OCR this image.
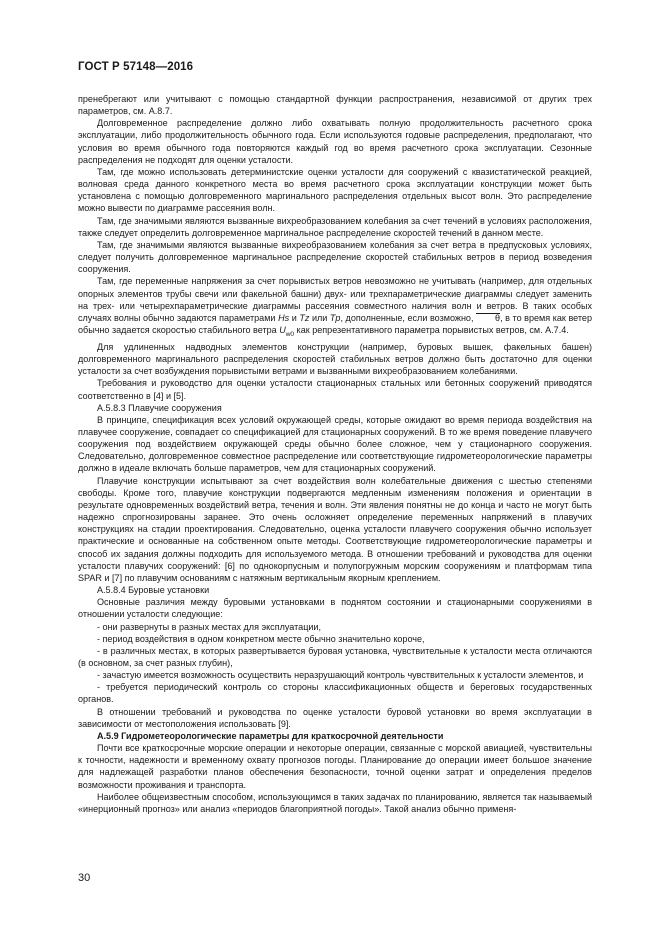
ГОСТ Р 57148—2016

пренебрегают или учитывают с помощью стандартной функции распространения, независимой от других трех параметров, см. А.8.7.

Долговременное распределение должно либо охватывать полную продолжительность расчетного срока эксплуатации, либо продолжительность обычного года. Если используются годовые распределения, предполагают, что условия во время обычного года повторяются каждый год во время расчетного срока эксплуатации. Сезонные распределения не подходят для оценки усталости.

Там, где можно использовать детерминистские оценки усталости для сооружений с квазистатической реакцией, волновая среда данного конкретного места во время расчетного срока эксплуатации конструкции может быть установлена с помощью долговременного маргинального распределения отдельных высот волн. Это распределение можно вывести по диаграмме рассеяния волн.

Там, где значимыми являются вызванные вихреобразованием колебания за счет течений в условиях расположения, также следует определить долговременное маргинальное распределение скоростей течений в данном месте.

Там, где значимыми являются вызванные вихреобразованием колебания за счет ветра в предпусковых условиях, следует получить долговременное маргинальное распределение скоростей стабильных ветров в период возведения сооружения.

Там, где переменные напряжения за счет порывистых ветров невозможно не учитывать (например, для отдельных опорных элементов трубы свечи или факельной башни) двух- или трехпараметрические диаграммы следует заменить на трех- или четырехпараметрические диаграммы рассеяния совместного наличия волн и ветров. В таких особых случаях волны обычно задаются параметрами Hs и Tz или Tp, дополненные, если возможно, θ, в то время как ветер обычно задается скоростью стабильного ветра $U_{w0}$ как репрезентативного параметра порывистых ветров, см. А.7.4.

Для удлиненных надводных элементов конструкции (например, буровых вышек, факельных башен) долговременного маргинального распределения скоростей стабильных ветров должно быть достаточно для оценки усталости за счет возбуждения порывистыми ветрами и вызванными вихреобразованием колебаниями.

Требования и руководство для оценки усталости стационарных стальных или бетонных сооружений приводятся соответственно в [4] и [5].

А.5.8.3 Плавучие сооружения

В принципе, спецификация всех условий окружающей среды, которые ожидают во время периода воздействия на плавучее сооружение, совпадает со спецификацией для стационарных сооружений. В то же время поведение плавучего сооружения под воздействием окружающей среды обычно более сложное, чем у стационарного сооружения. Следовательно, долговременное совместное распределение или соответствующие гидрометеорологические параметры должно в идеале включать больше параметров, чем для стационарных сооружений.

Плавучие конструкции испытывают за счет воздействия волн колебательные движения с шестью степенями свободы. Кроме того, плавучие конструкции подвергаются медленным изменениям положения и ориентации в результате одновременных воздействий ветра, течения и волн. Эти явления понятны не до конца и часто не могут быть надежно спрогнозированы заранее. Это очень осложняет определение переменных напряжений в плавучих конструкциях на стадии проектирования. Следовательно, оценка усталости плавучего сооружения обычно использует практические и основанные на собственном опыте методы. Соответствующие гидрометеорологические параметры и способ их задания должны подходить для используемого метода. В отношении требований и руководства для оценки усталости плавучих сооружений: [6] по однокорпусным и полупогружным морским сооружениям и платформам типа SPAR и [7] по плавучим основаниям с натяжным вертикальным якорным креплением.

А.5.8.4 Буровые установки

Основные различия между буровыми установками в поднятом состоянии и стационарными сооружениями в отношении усталости следующие:

- они развернуты в разных местах для эксплуатации,

- период воздействия в одном конкретном месте обычно значительно короче,

- в различных местах, в которых развертывается буровая установка, чувствительные к усталости места отличаются (в основном, за счет разных глубин),

- зачастую имеется возможность осуществить неразрушающий контроль чувствительных к усталости элементов, и

- требуется периодический контроль со стороны классификационных обществ и береговых государственных органов.

В отношении требований и руководства по оценке усталости буровой установки во время эксплуатации в зависимости от местоположения использовать [9].

А.5.9 Гидрометеорологические параметры для краткосрочной деятельности

Почти все краткосрочные морские операции и некоторые операции, связанные с морской авиацией, чувствительны к точности, надежности и временному охвату прогнозов погоды. Планирование до операции имеет большое значение для надлежащей разработки планов обеспечения безопасности, точной оценки затрат и определения пределов возможности проживания и транспорта.

Наиболее общеизвестным способом, использующимся в таких задачах по планированию, является так называемый «инерционный прогноз» или анализ «периодов благоприятной погоды». Такой анализ обычно применя-

30
